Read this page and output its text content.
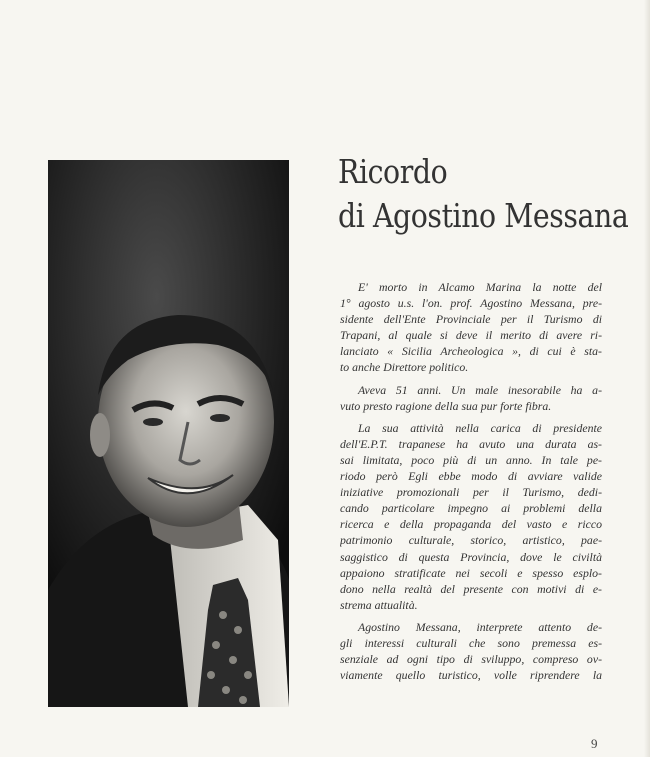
Ricordo
di Agostino Messana
E' morto in Alcamo Marina la notte del
1° agosto u.s. l'on. prof. Agostino Messana, pre-
sidente dell'Ente Provinciale per il Turismo di
Trapani, al quale si deve il merito di avere ri-
lanciato « Sicilia Archeologica », di cui è sta-
to anche Direttore politico.
Aveva 51 anni. Un male inesorabile ha a-
vuto presto ragione della sua pur forte fibra.
La sua attività nella carica di presidente
dell'E.P.T. trapanese ha avuto una durata as-
sai limitata, poco più di un anno. In tale pe-
riodo però Egli ebbe modo di avviare valide
iniziative promozionali per il Turismo, dedi-
cando particolare impegno ai problemi della
ricerca e della propaganda del vasto e ricco
patrimonio culturale, storico, artistico, pae-
saggistico di questa Provincia, dove le civiltà
appaiono stratificate nei secoli e spesso esplo-
dono nella realtà del presente con motivi di e-
strema attualità.
Agostino Messana, interprete attento de-
gli interessi culturali che sono premessa es-
senziale ad ogni tipo di sviluppo, compreso ov-
viamente quello turistico, volle riprendere la
9
